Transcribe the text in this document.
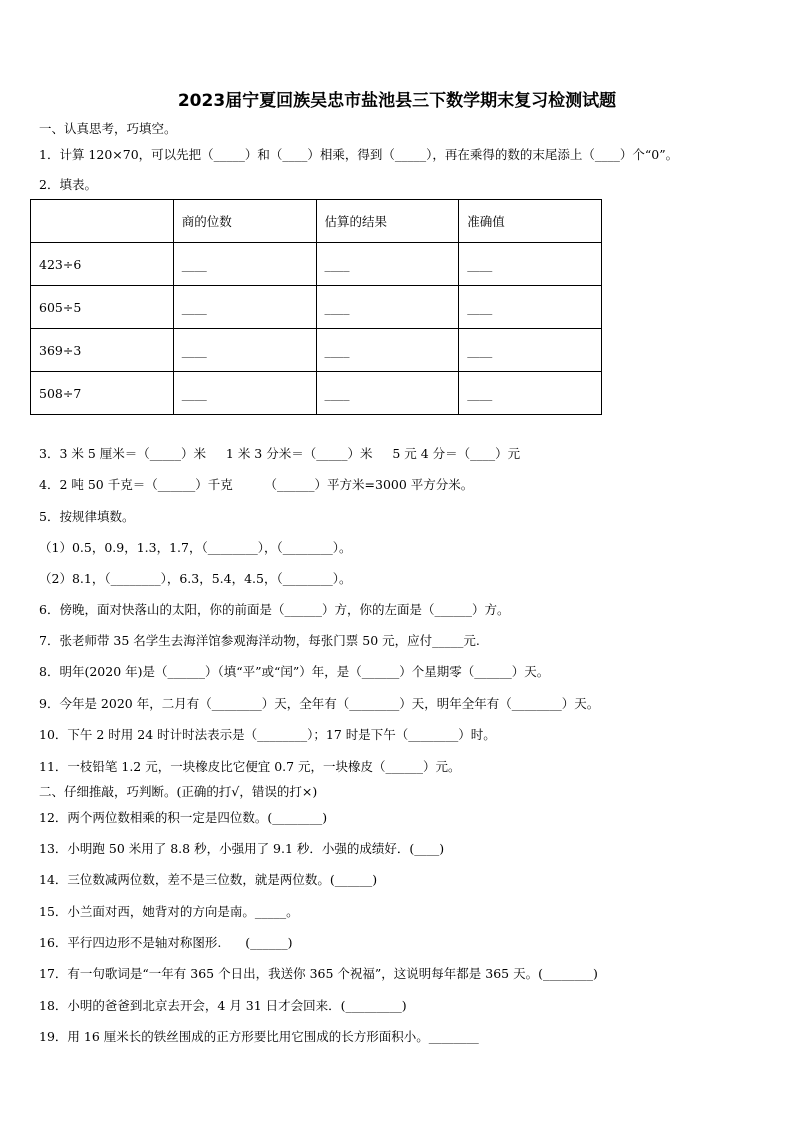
2023届宁夏回族吴忠市盐池县三下数学期末复习检测试题
一、认真思考，巧填空。
1．计算 120×70，可以先把（_____）和（____）相乘，得到（_____），再在乘得的数的末尾添上（____）个“0”。
2．填表。
	商的位数	估算的结果	准确值
423÷6	____	____	____
605÷5	____	____	____
369÷3	____	____	____
508÷7	____	____	____
3．3 米 5 厘米＝（_____）米     1 米 3 分米＝（_____）米     5 元 4 分＝（____）元
4．2 吨 50 千克＝（______）千克        （______）平方米=3000 平方分米。
5．按规律填数。
（1）0.5，0.9，1.3，1.7，（________），（________）。
（2）8.1，（________），6.3，5.4，4.5，（________）。
6．傍晚，面对快落山的太阳，你的前面是（______）方，你的左面是（______）方。
7．张老师带 35 名学生去海洋馆参观海洋动物，每张门票 50 元，应付_____元.
8．明年(2020 年)是（______）（填“平”或“闰”）年，是（______）个星期零（______）天。
9．今年是 2020 年，二月有（________）天，全年有（________）天，明年全年有（________）天。
10．下午 2 时用 24 时计时法表示是（________）；17 时是下午（________）时。
11．一枝铅笔 1.2 元，一块橡皮比它便宜 0.7 元，一块橡皮（______）元。
二、仔细推敲，巧判断。(正确的打√，错误的打×)
12．两个两位数相乘的积一定是四位数。(________)
13．小明跑 50 米用了 8.8 秒，小强用了 9.1 秒．小强的成绩好．(____)
14．三位数减两位数，差不是三位数，就是两位数。(______)
15．小兰面对西，她背对的方向是南。_____。
16．平行四边形不是轴对称图形.      (______)
17．有一句歌词是“一年有 365 个日出，我送你 365 个祝福”，这说明每年都是 365 天。(________)
18．小明的爸爸到北京去开会，4 月 31 日才会回来．(_________)
19．用 16 厘米长的铁丝围成的正方形要比用它围成的长方形面积小。________
